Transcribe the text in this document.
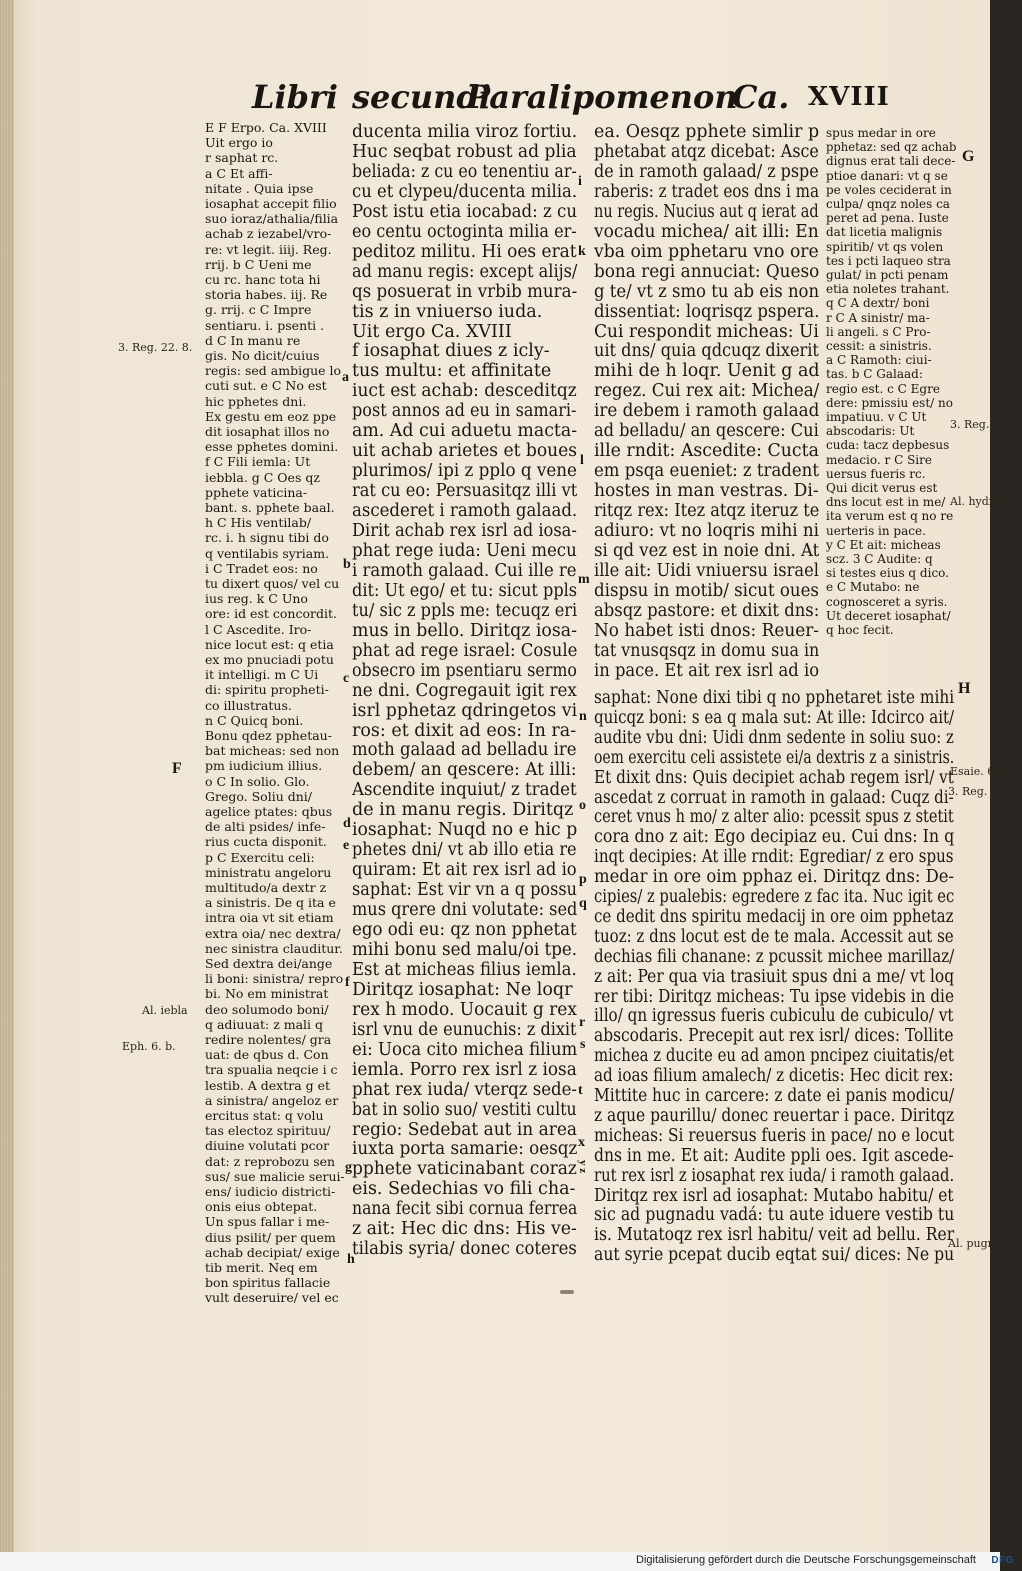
Libri secundi
Paralipomenon
Ca. XVIII
E F Erpo. Ca. XVIII
Uit ergo io
r saphat rc.
a C Et affi-
nitate . Quia ipse
iosaphat accepit filio
suo ioraz/athalia/filia
achab z iezabel/vro-
re: vt legit. iiij. Reg.
rrij. b C Ueni me
cu rc. hanc tota hi
storia habes. iij. Re
g. rrij. c C Impre
sentiaru. i. psenti .
d C In manu re
gis. No dicit/cuius
regis: sed ambigue lo
cuti sut. e C No est
hic pphetes dni.
Ex gestu em eoz ppe
dit iosaphat illos no
esse pphetes domini.
f C Fili iemla: Ut
iebbla. g C Oes qz
pphete vaticina-
bant. s. pphete baal.
h C His ventilab/
rc. i. h signu tibi do
q ventilabis syriam.
i C Tradet eos: no
tu dixert quos/ vel cu
ius reg. k C Uno
ore: id est concordit.
l C Ascedite. Iro-
nice locut est: q etia
ex mo pnuciadi potu
it intelligi. m C Ui
di: spiritu propheti-
co illustratus.
n C Quicq boni.
Bonu qdez pphetau-
bat micheas: sed non
pm iudicium illius.
o C In solio. Glo.
Grego. Soliu dni/
agelice ptates: qbus
de alti psides/ infe-
rius cucta disponit.
p C Exercitu celi:
ministratu angeloru
multitudo/a dextr z
a sinistris. De q ita e
intra oia vt sit etiam
extra oia/ nec dextra/
nec sinistra clauditur.
Sed dextra dei/ange
li boni: sinistra/ repro
bi. No em ministrat
deo solumodo boni/
q adiuuat: z mali q
redire nolentes/ gra
uat: de qbus d. Con
tra spualia neqcie i c
lestib. A dextra g et
a sinistra/ angeloz er
ercitus stat: q volu
tas electoz spirituu/
diuine volutati pcor
dat: z reprobozu sen
sus/ sue malicie serui-
ens/ iudicio districti-
onis eius obtepat.
Un spus fallar i me-
dius psilit/ per quem
achab decipiat/ exige
tib merit. Neq em
bon spiritus fallacie
vult deseruire/ vel ec
ducenta milia viroz fortiu.
Huc seqbat robust ad plia
beliada: z cu eo tenentiu ar-
cu et clypeu/ducenta milia.
Post istu etia iocabad: z cu
eo centu octoginta milia er-
peditoz militu. Hi oes erat
ad manu regis: except alijs/
qs posuerat in vrbib mura-
tis z in vniuerso iuda.
Uit ergo Ca. XVIII
f iosaphat diues z icly-
tus multu: et affinitate
iuct est achab: desceditqz
post annos ad eu in samari-
am. Ad cui aduetu macta-
uit achab arietes et boues
plurimos/ ipi z pplo q vene
rat cu eo: Persuasitqz illi vt
ascederet i ramoth galaad.
Dirit achab rex isrl ad iosa-
phat rege iuda: Ueni mecu
i ramoth galaad. Cui ille re
dit: Ut ego/ et tu: sicut ppls
tu/ sic z ppls me: tecuqz eri
mus in bello. Diritqz iosa-
phat ad rege israel: Cosule
obsecro im psentiaru sermo
ne dni. Cogregauit igit rex
isrl pphetaz qdringetos vi
ros: et dixit ad eos: In ra-
moth galaad ad belladu ire
debem/ an qescere: At illi:
Ascendite inquiut/ z tradet
de in manu regis. Diritqz
iosaphat: Nuqd no e hic p
phetes dni/ vt ab illo etia re
quiram: Et ait rex isrl ad io
saphat: Est vir vn a q possu
mus qrere dni volutate: sed
ego odi eu: qz non pphetat
mihi bonu sed malu/oi tpe.
Est at micheas filius iemla.
Diritqz iosaphat: Ne loqr
rex h modo. Uocauit g rex
isrl vnu de eunuchis: z dixit
ei: Uoca cito michea filium
iemla. Porro rex isrl z iosa
phat rex iuda/ vterqz sede-
bat in solio suo/ vestiti cultu
regio: Sedebat aut in area
iuxta porta samarie: oesqz
pphete vaticinabant coraz
eis. Sedechias vo fili cha-
nana fecit sibi cornua ferrea
z ait: Hec dic dns: His ve-
tilabis syria/ donec coteres
ea. Oesqz pphete simlir p
phetabat atqz dicebat: Asce
de in ramoth galaad/ z pspe
raberis: z tradet eos dns i ma
nu regis. Nucius aut q ierat ad
vocadu michea/ ait illi: En
vba oim pphetaru vno ore
bona regi annuciat: Queso
g te/ vt z smo tu ab eis non
dissentiat: loqrisqz pspera.
Cui respondit micheas: Ui
uit dns/ quia qdcuqz dixerit
mihi de h loqr. Uenit g ad
regez. Cui rex ait: Michea/
ire debem i ramoth galaad
ad belladu/ an qescere: Cui
ille rndit: Ascedite: Cucta
em psqa eueniet: z tradent
hostes in man vestras. Di-
ritqz rex: Itez atqz iteruz te
adiuro: vt no loqris mihi ni
si qd vez est in noie dni. At
ille ait: Uidi vniuersu israel
dispsu in motib/ sicut oues
absqz pastore: et dixit dns:
No habet isti dnos: Reuer-
tat vnusqsqz in domu sua in
in pace. Et ait rex isrl ad io
spus medar in ore
pphetaz: sed qz achab
dignus erat tali dece-
ptioe danari: vt q se
pe voles ceciderat in
culpa/ qnqz noles ca
peret ad pena. Iuste
dat licetia malignis
spiritib/ vt qs volen
tes i pcti laqueo stra
gulat/ in pcti penam
etia noletes trahant.
q C A dextr/ boni
r C A sinistr/ ma-
li angeli. s C Pro-
cessit: a sinistris.
a C Ramoth: ciui-
tas. b C Galaad:
regio est. c C Egre
dere: pmissiu est/ no
impatiuu. v C Ut
abscodaris: Ut
cuda: tacz depbesus
medacio. r C Sire
uersus fueris rc.
Qui dicit verus est
dns locut est in me/
ita verum est q no re
uerteris in pace.
y C Et ait: micheas
scz. 3 C Audite: q
si testes eius q dico.
e C Mutabo: ne
cognosceret a syris.
Ut deceret iosaphat/
q hoc fecit.
saphat: None dixi tibi q no pphetaret iste mihi
quicqz boni: s ea q mala sut: At ille: Idcirco ait/
audite vbu dni: Uidi dnm sedente in soliu suo: z
oem exercitu celi assistete ei/a dextris z a sinistris.
Et dixit dns: Quis decipiet achab regem isrl/ vt
ascedat z corruat in ramoth in galaad: Cuqz di-
ceret vnus h mo/ z alter alio: pcessit spus z stetit
cora dno z ait: Ego decipiaz eu. Cui dns: In q
inqt decipies: At ille rndit: Egrediar/ z ero spus
medar in ore oim pphaz ei. Diritqz dns: De-
cipies/ z pualebis: egredere z fac ita. Nuc igit ec
ce dedit dns spiritu medacij in ore oim pphetaz
tuoz: z dns locut est de te mala. Accessit aut se
dechias fili chanane: z pcussit michee marillaz/
z ait: Per qua via trasiuit spus dni a me/ vt loq
rer tibi: Diritqz micheas: Tu ipse videbis in die
illo/ qn igressus fueris cubiculu de cubiculo/ vt
abscodaris. Precepit aut rex isrl/ dices: Tollite
michea z ducite eu ad amon pncipez ciuitatis/et
ad ioas filium amalech/ z dicetis: Hec dicit rex:
Mittite huc in carcere: z date ei panis modicu/
z aque paurillu/ donec reuertar i pace. Diritqz
micheas: Si reuersus fueris in pace/ no e locut
dns in me. Et ait: Audite ppli oes. Igit ascede-
rut rex isrl z iosaphat rex iuda/ i ramoth galaad.
Diritqz rex isrl ad iosaphat: Mutabo habitu/ et
sic ad pugnadu vadá: tu aute iduere vestib tu
is. Mutatoqz rex isrl habitu/ veit ad bellu. Rer
aut syrie pcepat ducib eqtat sui/ dices: Ne pu
3. Reg. 22. 8.
Al. iebla
Eph. 6. b.
3. Reg. 22.
Al. hydrwbo
Esaie. 6. a.
3. Reg. 22. 2.
Al. pugna
F
G
H
a
b
c
d
e
f
g
h
i
k
l
m
n
o
p
q
r
s
t
x
y z
Digitalisierung gefördert durch die Deutsche Forschungsgemeinschaft DFG
